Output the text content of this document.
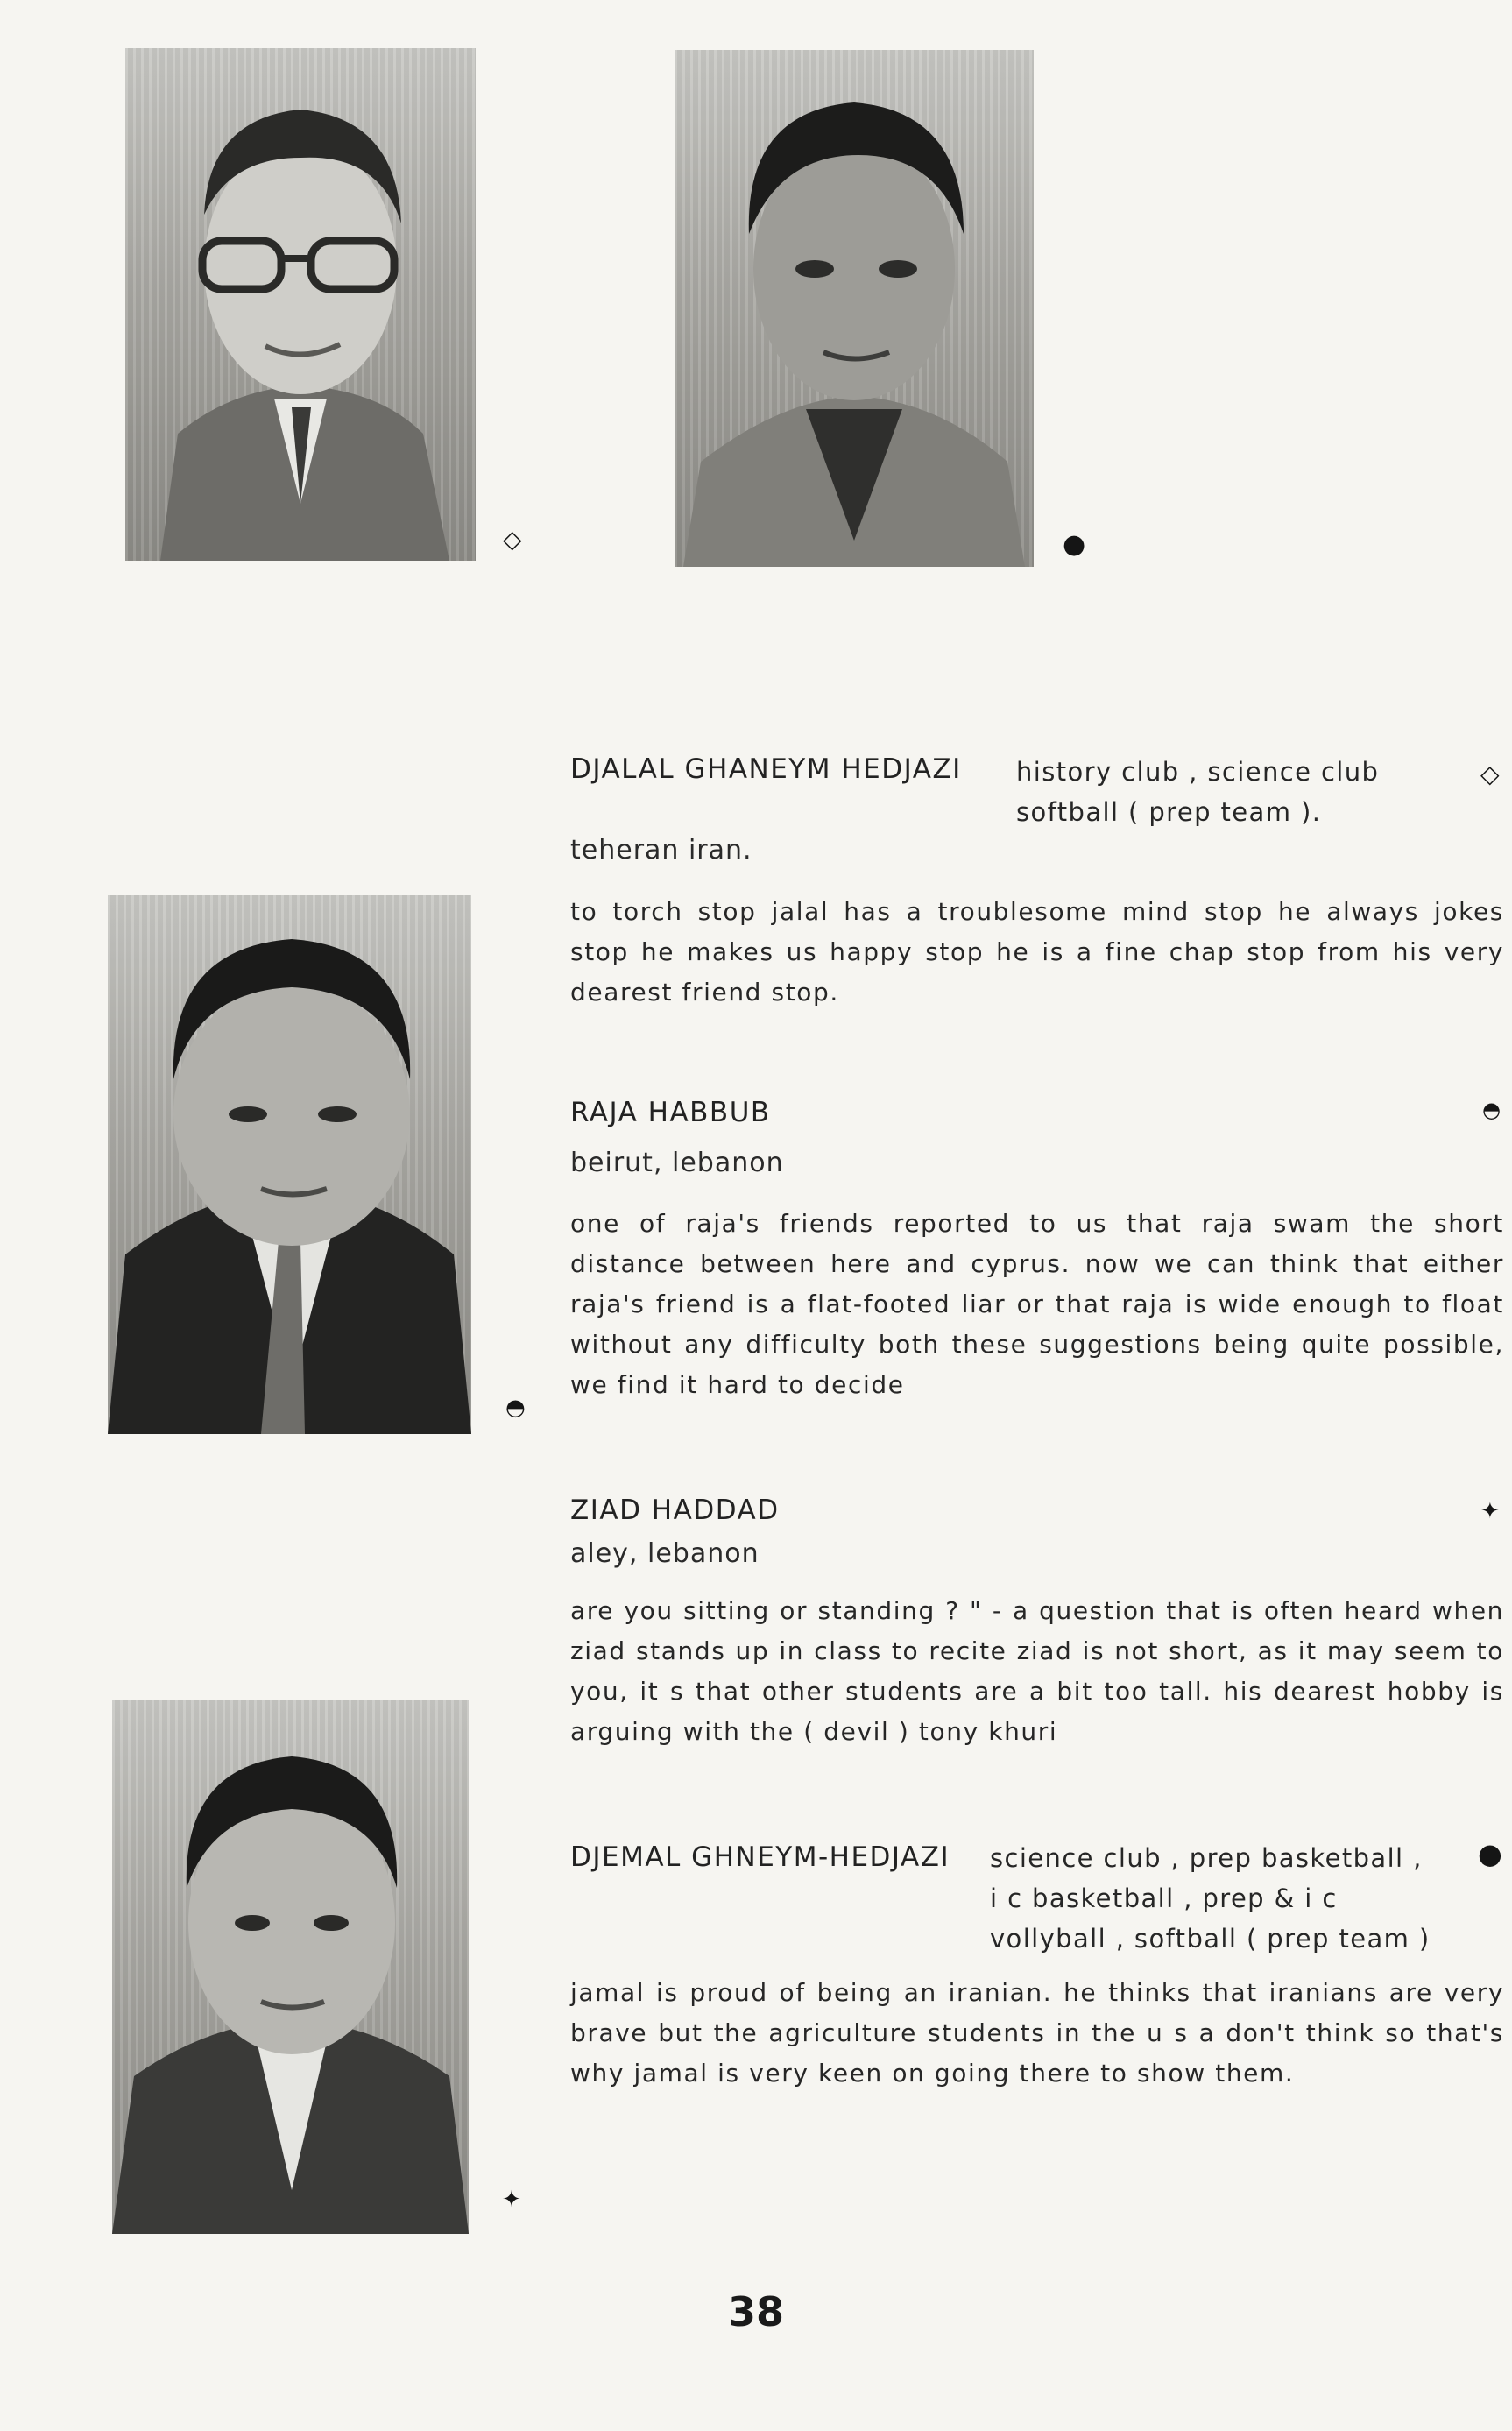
◇	●
◓
✦
DJALAL GHANEYM HEDJAZI	history club , science club
softball ( prep team ).
◇
teheran iran.

to torch stop jalal has a troublesome mind stop he always jokes stop he makes us happy stop he is a fine chap stop from his very dearest friend stop.

RAJA HABBUB	◓
beirut, lebanon

one of raja's friends reported to us that raja swam the short distance between here and cyprus. now we can think that either raja's friend is a flat-footed liar or that raja is wide enough to float without any difficulty both these suggestions being quite possible, we find it hard to decide

ZIAD HADDAD	✦
aley, lebanon

are you sitting or standing ? " - a question that is often heard when ziad stands up in class to recite ziad is not short, as it may seem to you, it s that other students are a bit too tall. his dearest hobby is arguing with the ( devil ) tony khuri

DJEMAL GHNEYM-HEDJAZI	science club , prep basketball ,
i c basketball , prep & i c
vollyball , softball ( prep team )
●

jamal is proud of being an iranian. he thinks that iranians are very brave but the agriculture students in the u s a don't think so that's why jamal is very keen on going there to show them.

38
